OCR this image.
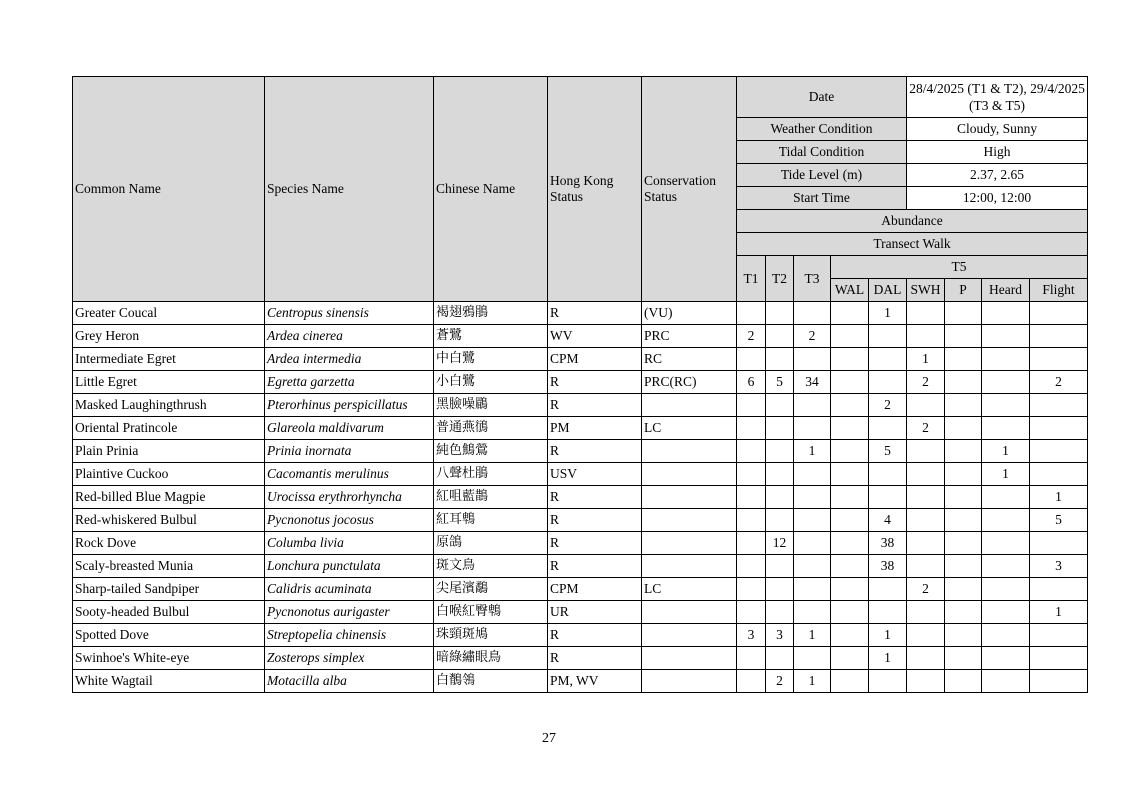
Common Name	Species Name	Chinese Name	Hong Kong Status	Conservation Status	Date					28/4/2025 (T1 & T2), 29/4/2025 (T3 & T5)			
					Weather Condition					Cloudy, Sunny			
					Tidal Condition					High			
					Tide Level (m)					2.37, 2.65			
					Start Time					12:00, 12:00			
					Abundance								
					Transect Walk								
					T1	T2	T3	T5					
								WAL	DAL	SWH	P	Heard	Flight
Greater Coucal	Centropus sinensis	褐翅鴉鵑	R	(VU)					1				
Grey Heron	Ardea cinerea	蒼鷺	WV	PRC	2		2						
Intermediate Egret	Ardea intermedia	中白鷺	CPM	RC						1			
Little Egret	Egretta garzetta	小白鷺	R	PRC(RC)	6	5	34			2			2
Masked Laughingthrush	Pterorhinus perspicillatus	黑臉噪鶥	R						2				
Oriental Pratincole	Glareola maldivarum	普通燕鴴	PM	LC						2			
Plain Prinia	Prinia inornata	純色鷦鶯	R				1		5			1	
Plaintive Cuckoo	Cacomantis merulinus	八聲杜鵑	USV									1	
Red-billed Blue Magpie	Urocissa erythrorhyncha	紅咀藍鵲	R										1
Red-whiskered Bulbul	Pycnonotus jocosus	紅耳鵯	R						4				5
Rock Dove	Columba livia	原鴿	R			12			38				
Scaly-breasted Munia	Lonchura punctulata	斑文鳥	R						38				3
Sharp-tailed Sandpiper	Calidris acuminata	尖尾濱鷸	CPM	LC						2			
Sooty-headed Bulbul	Pycnonotus aurigaster	白喉紅臀鵯	UR										1
Spotted Dove	Streptopelia chinensis	珠頸斑鳩	R		3	3	1		1				
Swinhoe's White-eye	Zosterops simplex	暗綠繡眼鳥	R						1				
White Wagtail	Motacilla alba	白鶺鴒	PM, WV			2	1						
27
